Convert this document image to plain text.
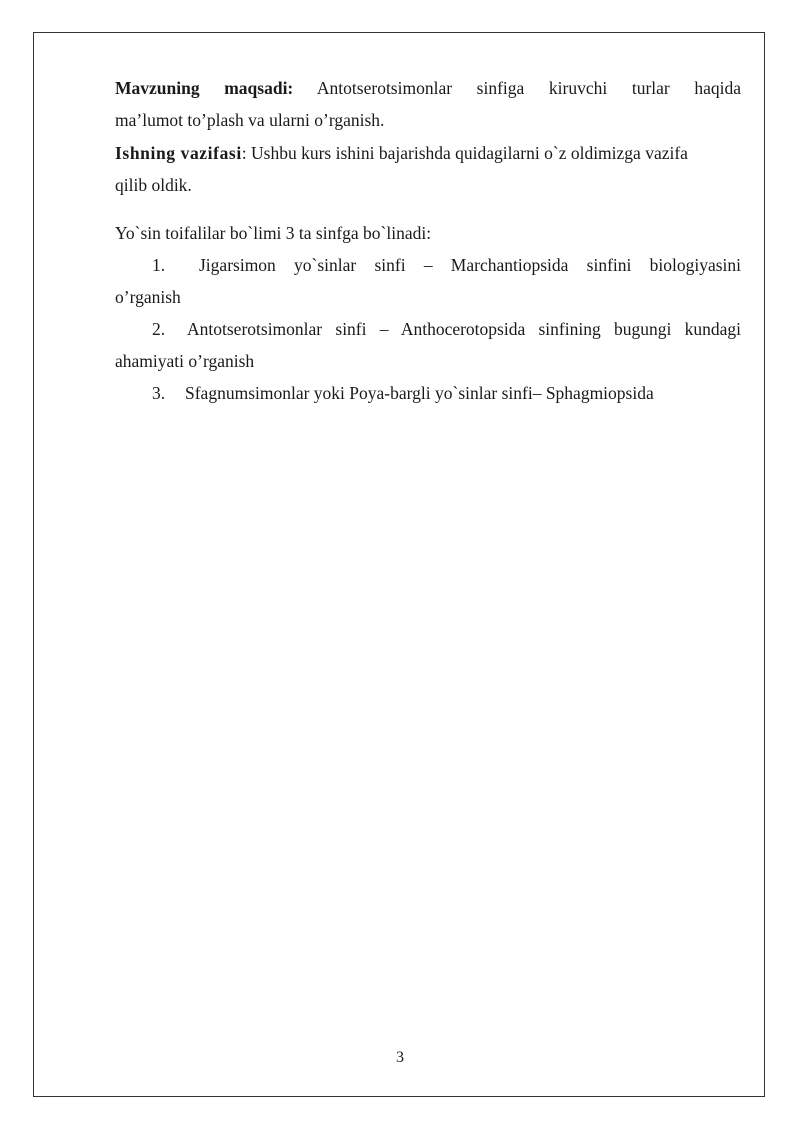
Mavzuning maqsadi: Antotserotsimonlar sinfiga kiruvchi turlar haqida
ma’lumot to’plash va ularni o’rganish.
Ishning vazifasi: Ushbu kurs ishini bajarishda quidagilarni o`z oldimizga vazifa
qilib oldik.
Yo`sin toifalilar bo`limi 3 ta sinfga bo`linadi:
1. Jigarsimon yo`sinlar sinfi – Marchantiopsida sinfini biologiyasini
o’rganish
2. Antotserotsimonlar sinfi – Anthocerotopsida sinfining bugungi kundagi
ahamiyati o’rganish
3. Sfagnumsimonlar yoki Poya-bargli yo`sinlar sinfi– Sphagmiopsida
3
